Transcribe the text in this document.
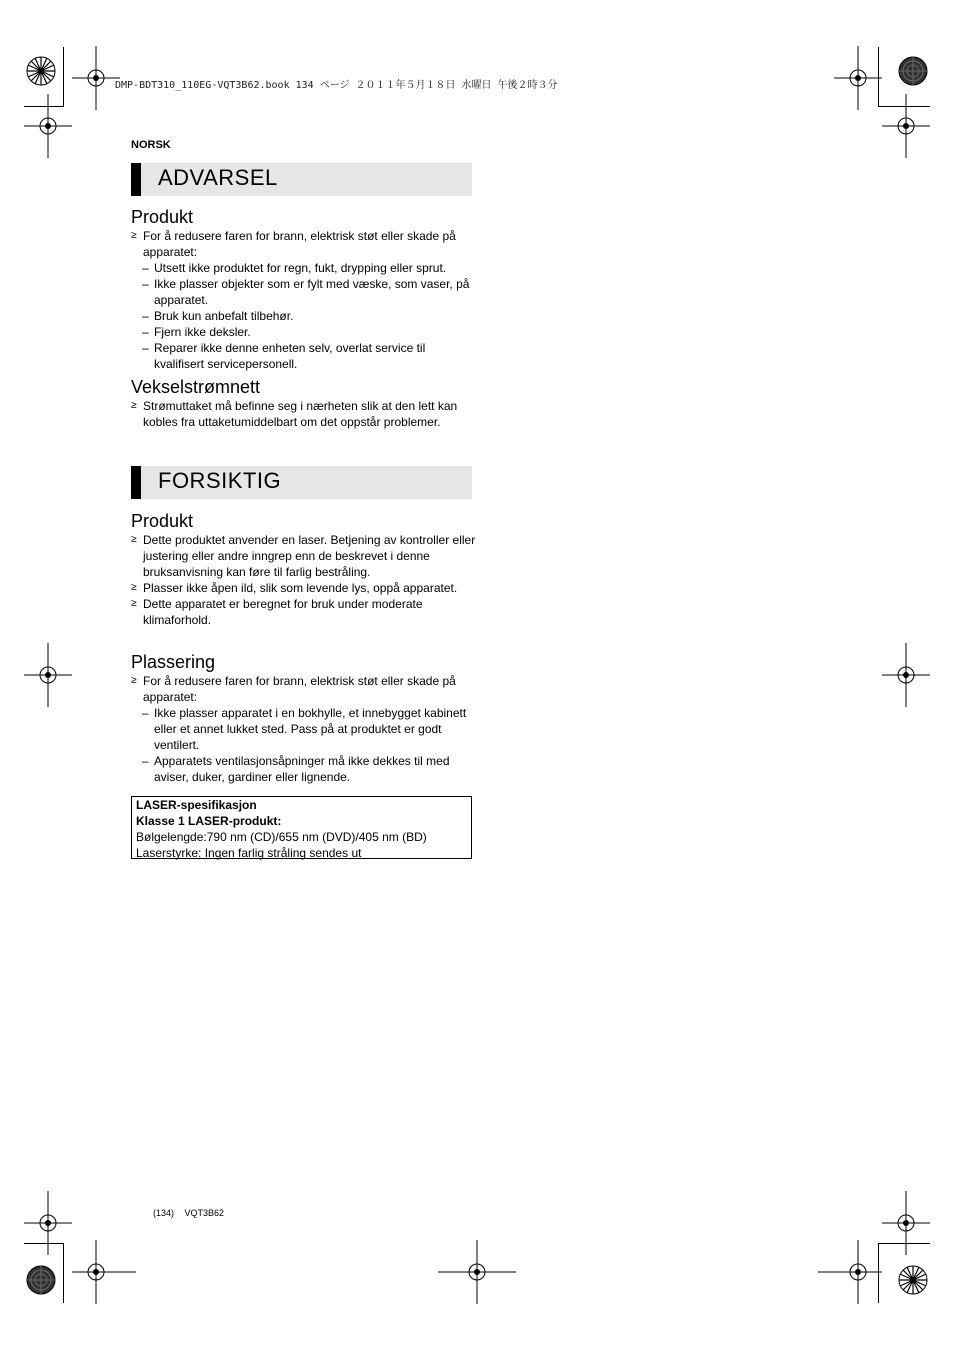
DMP-BDT310_110EG-VQT3B62.book 134 ページ ２０１１年５月１８日 水曜日 午後２時３分
NORSK
ADVARSEL
Produkt
≥ For å redusere faren for brann, elektrisk støt eller skade på apparatet:
– Utsett ikke produktet for regn, fukt, drypping eller sprut.
– Ikke plasser objekter som er fylt med væske, som vaser, på apparatet.
– Bruk kun anbefalt tilbehør.
– Fjern ikke deksler.
– Reparer ikke denne enheten selv, overlat service til kvalifisert servicepersonell.
Vekselstrømnett
≥ Strømuttaket må befinne seg i nærheten slik at den lett kan kobles fra uttaketumiddelbart om det oppstår problemer.
FORSIKTIG
Produkt
≥ Dette produktet anvender en laser. Betjening av kontroller eller justering eller andre inngrep enn de beskrevet i denne bruksanvisning kan føre til farlig bestråling.
≥ Plasser ikke åpen ild, slik som levende lys, oppå apparatet.
≥ Dette apparatet er beregnet for bruk under moderate klimaforhold.
Plassering
≥ For å redusere faren for brann, elektrisk støt eller skade på apparatet:
– Ikke plasser apparatet i en bokhylle, et innebygget kabinett eller et annet lukket sted. Pass på at produktet er godt ventilert.
– Apparatets ventilasjonsåpninger må ikke dekkes til med aviser, duker, gardiner eller lignende.
LASER-spesifikasjon
Klasse 1 LASER-produkt:
Bølgelengde:790 nm (CD)/655 nm (DVD)/405 nm (BD)
Laserstyrke: Ingen farlig stråling sendes ut
(134) VQT3B62
